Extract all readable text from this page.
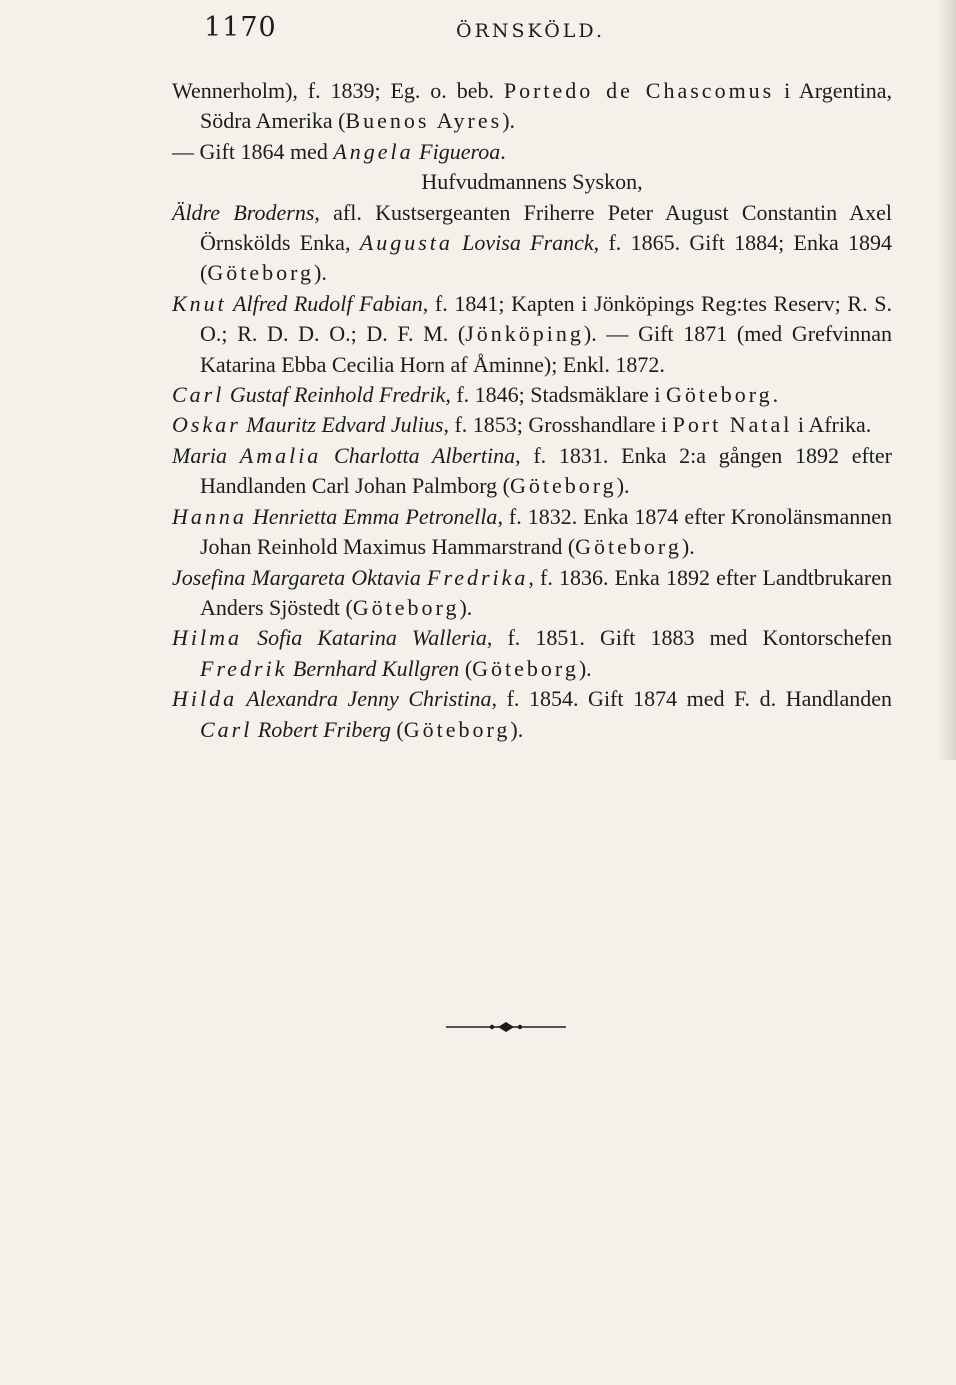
1170	ÖRNSKÖLD.

Wennerholm), f. 1839; Eg. o. beb. Portedo de Chascomus i Argentina, Södra Amerika (Buenos Ayres).

— Gift 1864 med Angela Figueroa.

Hufvudmannens Syskon,

Äldre Broderns, afl. Kustsergeanten Friherre Peter August Constantin Axel Örnskölds Enka, Augusta Lovisa Franck, f. 1865. Gift 1884; Enka 1894 (Göteborg).

Knut Alfred Rudolf Fabian, f. 1841; Kapten i Jönköpings Reg:tes Reserv; R. S. O.; R. D. D. O.; D. F. M. (Jönköping). — Gift 1871 (med Grefvinnan Katarina Ebba Cecilia Horn af Åminne); Enkl. 1872.

Carl Gustaf Reinhold Fredrik, f. 1846; Stadsmäklare i Göteborg.

Oskar Mauritz Edvard Julius, f. 1853; Grosshandlare i Port Natal i Afrika.

Maria Amalia Charlotta Albertina, f. 1831. Enka 2:a gången 1892 efter Handlanden Carl Johan Palmborg (Göteborg).

Hanna Henrietta Emma Petronella, f. 1832. Enka 1874 efter Kronolänsmannen Johan Reinhold Maximus Hammarstrand (Göteborg).

Josefina Margareta Oktavia Fredrika, f. 1836. Enka 1892 efter Landtbrukaren Anders Sjöstedt (Göteborg).

Hilma Sofia Katarina Walleria, f. 1851. Gift 1883 med Kontorschefen Fredrik Bernhard Kullgren (Göteborg).

Hilda Alexandra Jenny Christina, f. 1854. Gift 1874 med F. d. Handlanden Carl Robert Friberg (Göteborg).
